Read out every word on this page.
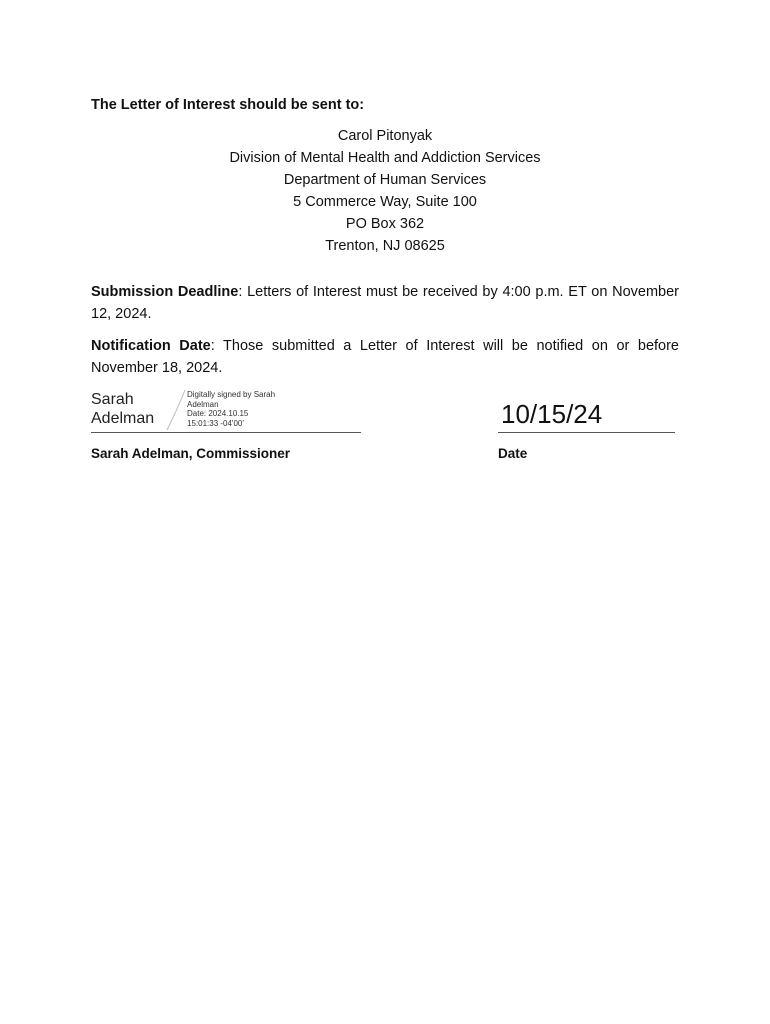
The Letter of Interest should be sent to:
Carol Pitonyak
Division of Mental Health and Addiction Services
Department of Human Services
5 Commerce Way, Suite 100
PO Box 362
Trenton, NJ 08625
Submission Deadline: Letters of Interest must be received by 4:00 p.m. ET on November 12, 2024.
Notification Date: Those submitted a Letter of Interest will be notified on or before November 18, 2024.
Sarah
Adelman
Digitally signed by Sarah
Adelman
Date: 2024.10.15
15:01:33 -04'00'	10/15/24
Sarah Adelman, Commissioner	Date
